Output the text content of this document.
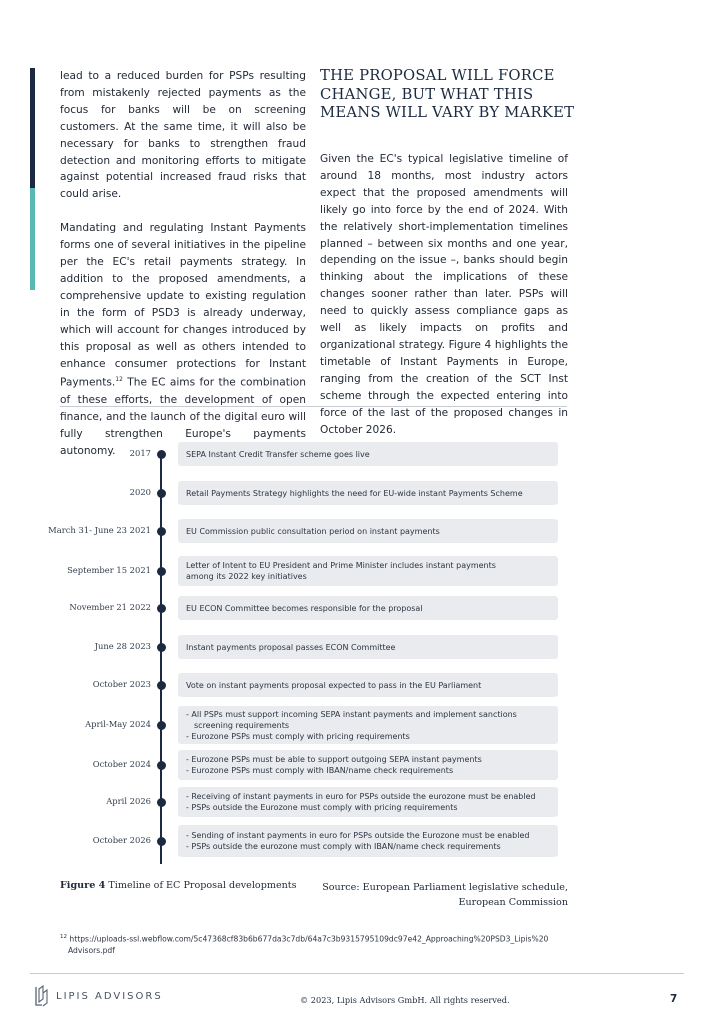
lead to a reduced burden for PSPs resulting from mistakenly rejected payments as the focus for banks will be on screening customers. At the same time, it will also be necessary for banks to strengthen fraud detection and monitoring efforts to mitigate against potential increased fraud risks that could arise.

Mandating and regulating Instant Payments forms one of several initiatives in the pipeline per the EC's retail payments strategy. In addition to the proposed amendments, a comprehensive update to existing regulation in the form of PSD3 is already underway, which will account for changes introduced by this proposal as well as others intended to enhance consumer protections for Instant Payments.$^{12}$ The EC aims for the combination of these efforts, the development of open finance, and the launch of the digital euro will fully strengthen Europe's payments autonomy.

THE PROPOSAL WILL FORCE CHANGE, BUT WHAT THIS MEANS WILL VARY BY MARKET

Given the EC's typical legislative timeline of around 18 months, most industry actors expect that the proposed amendments will likely go into force by the end of 2024. With the relatively short-implementation timelines planned – between six months and one year, depending on the issue –, banks should begin thinking about the implications of these changes sooner rather than later. PSPs will need to quickly assess compliance gaps as well as likely impacts on profits and organizational strategy. Figure 4 highlights the timetable of Instant Payments in Europe, ranging from the creation of the SCT Inst scheme through the expected entering into force of the last of the proposed changes in October 2026.

2017	SEPA Instant Credit Transfer scheme goes live
2020	Retail Payments Strategy highlights the need for EU-wide instant Payments Scheme
March 31- June 23 2021	EU Commission public consultation period on instant payments
September 15 2021	Letter of Intent to EU President and Prime Minister includes instant payments
among its 2022 key initiatives
November 21 2022	EU ECON Committee becomes responsible for the proposal
June 28 2023	Instant payments proposal passes ECON Committee
October 2023	Vote on instant payments proposal expected to pass in the EU Parliament
April-May 2024
- All PSPs must support incoming SEPA instant payments and implement sanctions
screening requirements
- Eurozone PSPs must comply with pricing requirements
October 2024	- Eurozone PSPs must be able to support outgoing SEPA instant payments
- Eurozone PSPs must comply with IBAN/name check requirements
April 2026	- Receiving of instant payments in euro for PSPs outside the eurozone must be enabled
- PSPs outside the Eurozone must comply with pricing requirements
October 2026	- Sending of instant payments in euro for PSPs outside the Eurozone must be enabled
- PSPs outside the eurozone must comply with IBAN/name check requirements
Figure 4 Timeline of EC Proposal developments	Source: European Parliament legislative schedule,
European Commission
$^{12}$ https://uploads-ssl.webflow.com/5c47368cf83b6b677da3c7db/64a7c3b9315795109dc97e42_Approaching%20PSD3_Lipis%20
Advisors.pdf
LIPIS ADVISORS	© 2023, Lipis Advisors GmbH. All rights reserved.	7
